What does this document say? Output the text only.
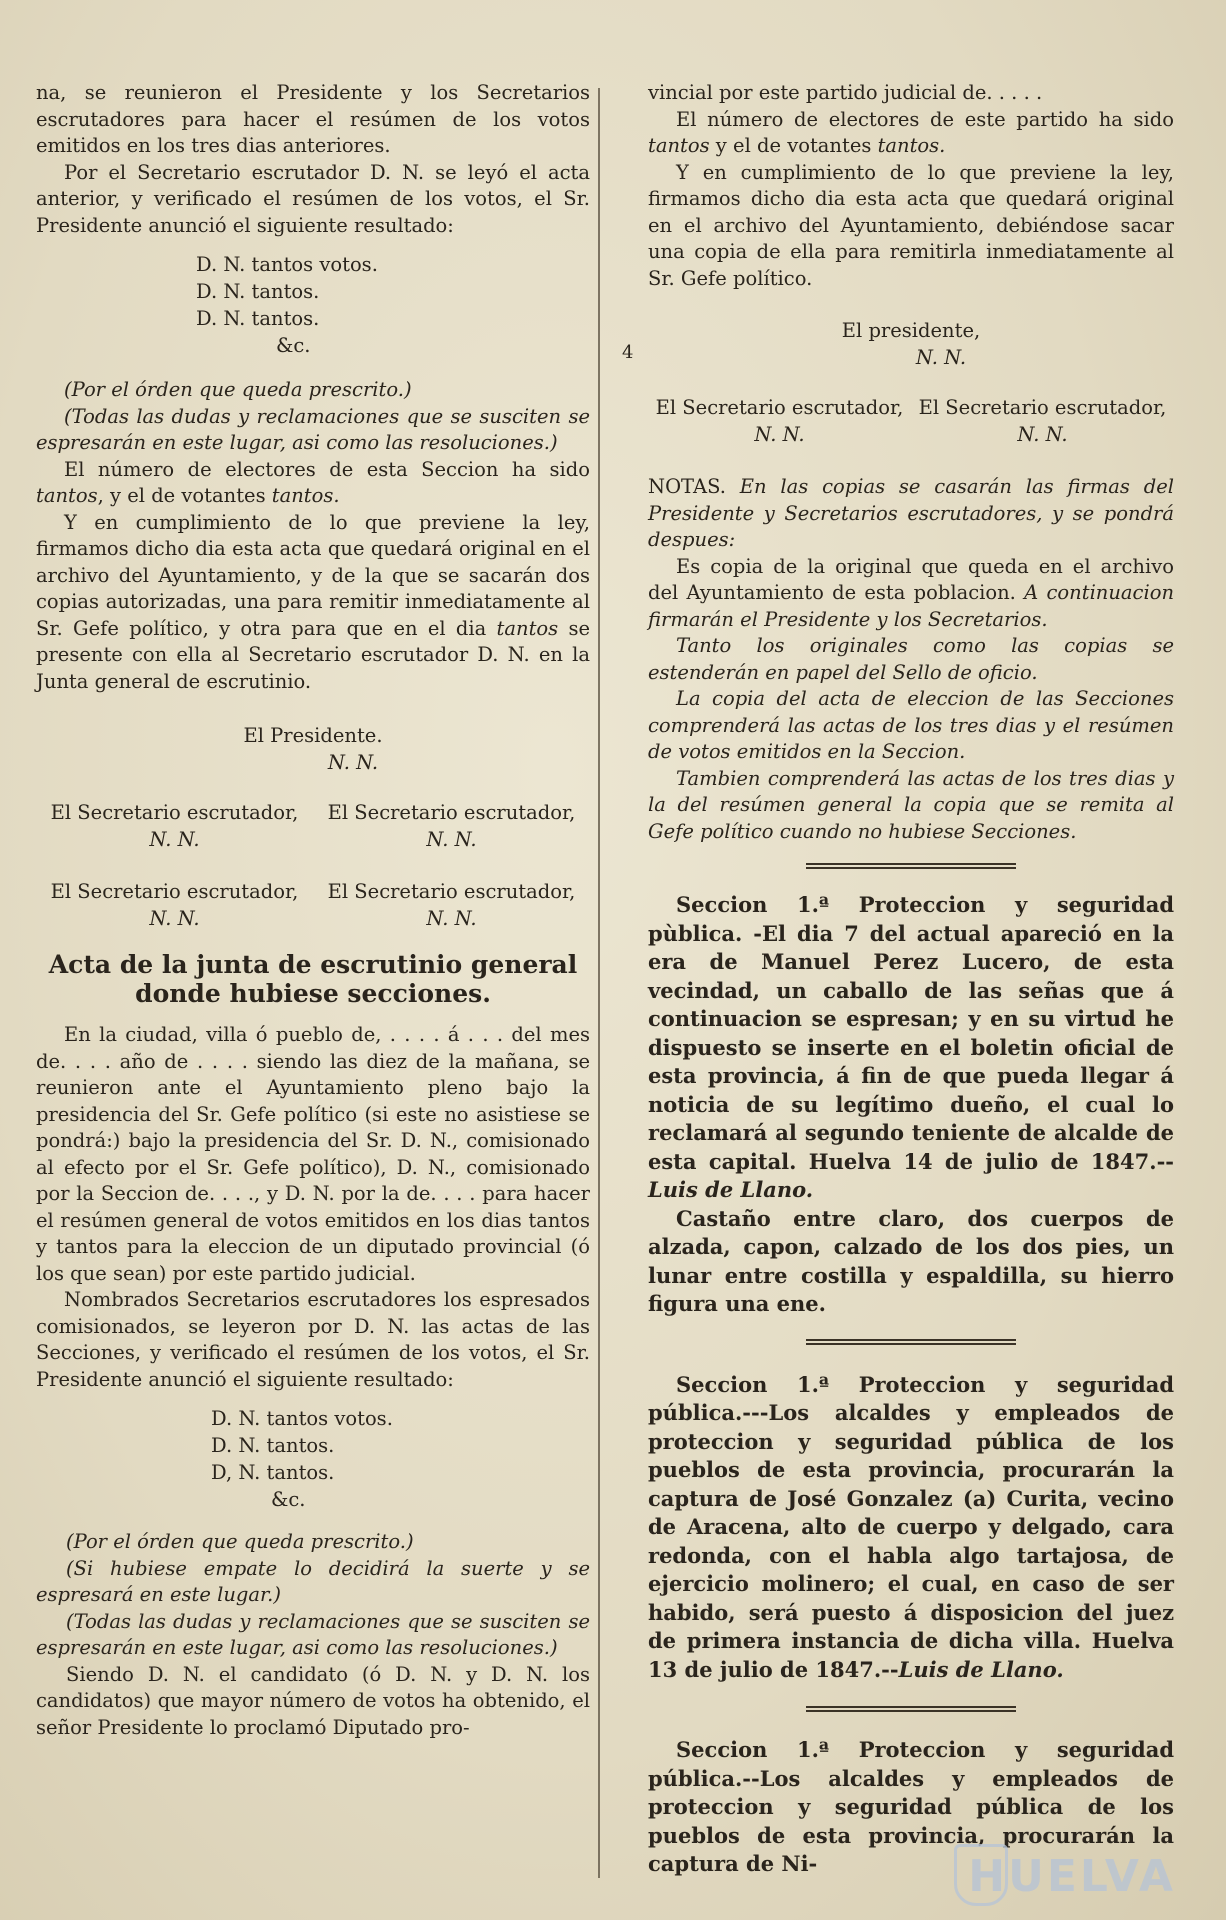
na, se reunieron el Presidente y los Secretarios escrutadores para hacer el resúmen de los votos emitidos en los tres dias anteriores.

Por el Secretario escrutador D. N. se leyó el acta anterior, y verificado el resúmen de los votos, el Sr. Presidente anunció el siguiente resultado:

D. N. tantos votos.
D. N. tantos.
D. N. tantos.
&c.

(Por el órden que queda prescrito.)

(Todas las dudas y reclamaciones que se susciten se espresarán en este lugar, asi como las resoluciones.)

El número de electores de esta Seccion ha sido tantos, y el de votantes tantos.

Y en cumplimiento de lo que previene la ley, firmamos dicho dia esta acta que quedará original en el archivo del Ayuntamiento, y de la que se sacarán dos copias autorizadas, una para remitir inmediatamente al Sr. Gefe político, y otra para que en el dia tantos se presente con ella al Secretario escrutador D. N. en la Junta general de escrutinio.

El Presidente.
N. N.
El Secretario escrutador,
N. N.
El Secretario escrutador,
N. N.
El Secretario escrutador,
N. N.
El Secretario escrutador,
N. N.
Acta de la junta de escrutinio general donde hubiese secciones.

En la ciudad, villa ó pueblo de, . . . . á . . . del mes de. . . . año de . . . . siendo las diez de la mañana, se reunieron ante el Ayuntamiento pleno bajo la presidencia del Sr. Gefe político (si este no asistiese se pondrá:) bajo la presidencia del Sr. D. N., comisionado al efecto por el Sr. Gefe político), D. N., comisionado por la Seccion de. . . ., y D. N. por la de. . . . para hacer el resúmen general de votos emitidos en los dias tantos y tantos para la eleccion de un diputado provincial (ó los que sean) por este partido judicial.

Nombrados Secretarios escrutadores los espresados comisionados, se leyeron por D. N. las actas de las Secciones, y verificado el resúmen de los votos, el Sr. Presidente anunció el siguiente resultado:

D. N. tantos votos.
D. N. tantos.
D, N. tantos.
&c.

(Por el órden que queda prescrito.)

(Si hubiese empate lo decidirá la suerte y se espresará en este lugar.)

(Todas las dudas y reclamaciones que se susciten se espresarán en este lugar, asi como las resoluciones.)

Siendo D. N. el candidato (ó D. N. y D. N. los candidatos) que mayor número de votos ha obtenido, el señor Presidente lo proclamó Diputado pro-

4

vincial por este partido judicial de. . . . .

El número de electores de este partido ha sido tantos y el de votantes tantos.

Y en cumplimiento de lo que previene la ley, firmamos dicho dia esta acta que quedará original en el archivo del Ayuntamiento, debiéndose sacar una copia de ella para remitirla inmediatamente al Sr. Gefe político.

El presidente,
N. N.
El Secretario escrutador,
N. N.
El Secretario escrutador,
N. N.

NOTAS. En las copias se casarán las firmas del Presidente y Secretarios escrutadores, y se pondrá despues:

Es copia de la original que queda en el archivo del Ayuntamiento de esta poblacion. A continuacion firmarán el Presidente y los Secretarios.

Tanto los originales como las copias se estenderán en papel del Sello de oficio.

La copia del acta de eleccion de las Secciones comprenderá las actas de los tres dias y el resúmen de votos emitidos en la Seccion.

Tambien comprenderá las actas de los tres dias y la del resúmen general la copia que se remita al Gefe político cuando no hubiese Secciones.

Seccion 1.ª Proteccion y seguridad pùblica. -El dia 7 del actual apareció en la era de Manuel Perez Lucero, de esta vecindad, un caballo de las señas que á continuacion se espresan; y en su virtud he dispuesto se inserte en el boletin oficial de esta provincia, á fin de que pueda llegar á noticia de su legítimo dueño, el cual lo reclamará al segundo teniente de alcalde de esta capital. Huelva 14 de julio de 1847.--Luis de Llano.

Castaño entre claro, dos cuerpos de alzada, capon, calzado de los dos pies, un lunar entre costilla y espaldilla, su hierro figura una ene.

Seccion 1.ª Proteccion y seguridad pública.---Los alcaldes y empleados de proteccion y seguridad pública de los pueblos de esta provincia, procurarán la captura de José Gonzalez (a) Curita, vecino de Aracena, alto de cuerpo y delgado, cara redonda, con el habla algo tartajosa, de ejercicio molinero; el cual, en caso de ser habido, será puesto á disposicion del juez de primera instancia de dicha villa. Huelva 13 de julio de 1847.--Luis de Llano.

Seccion 1.ª Proteccion y seguridad pública.--Los alcaldes y empleados de proteccion y seguridad pública de los pueblos de esta provincia, procurarán la captura de Ni-	HUELVA
